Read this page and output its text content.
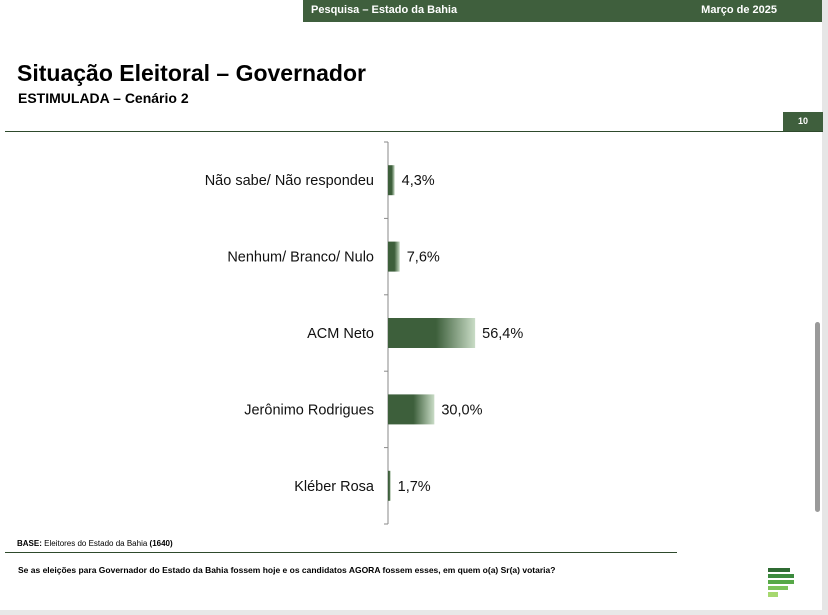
Pesquisa – Estado da Bahia	Março de 2025
Situação Eleitoral – Governador
ESTIMULADA – Cenário 2
10
Não sabe/ Não respondeu 4,3%
Nenhum/ Branco/ Nulo 7,6%
ACM Neto	56,4%
Jerônimo Rodrigues	30,0%
Kléber Rosa 1,7%
BASE: Eleitores do Estado da Bahia (1640)
Se as eleições para Governador do Estado da Bahia fossem hoje e os candidatos AGORA fossem esses, em quem o(a) Sr(a) votaria?
